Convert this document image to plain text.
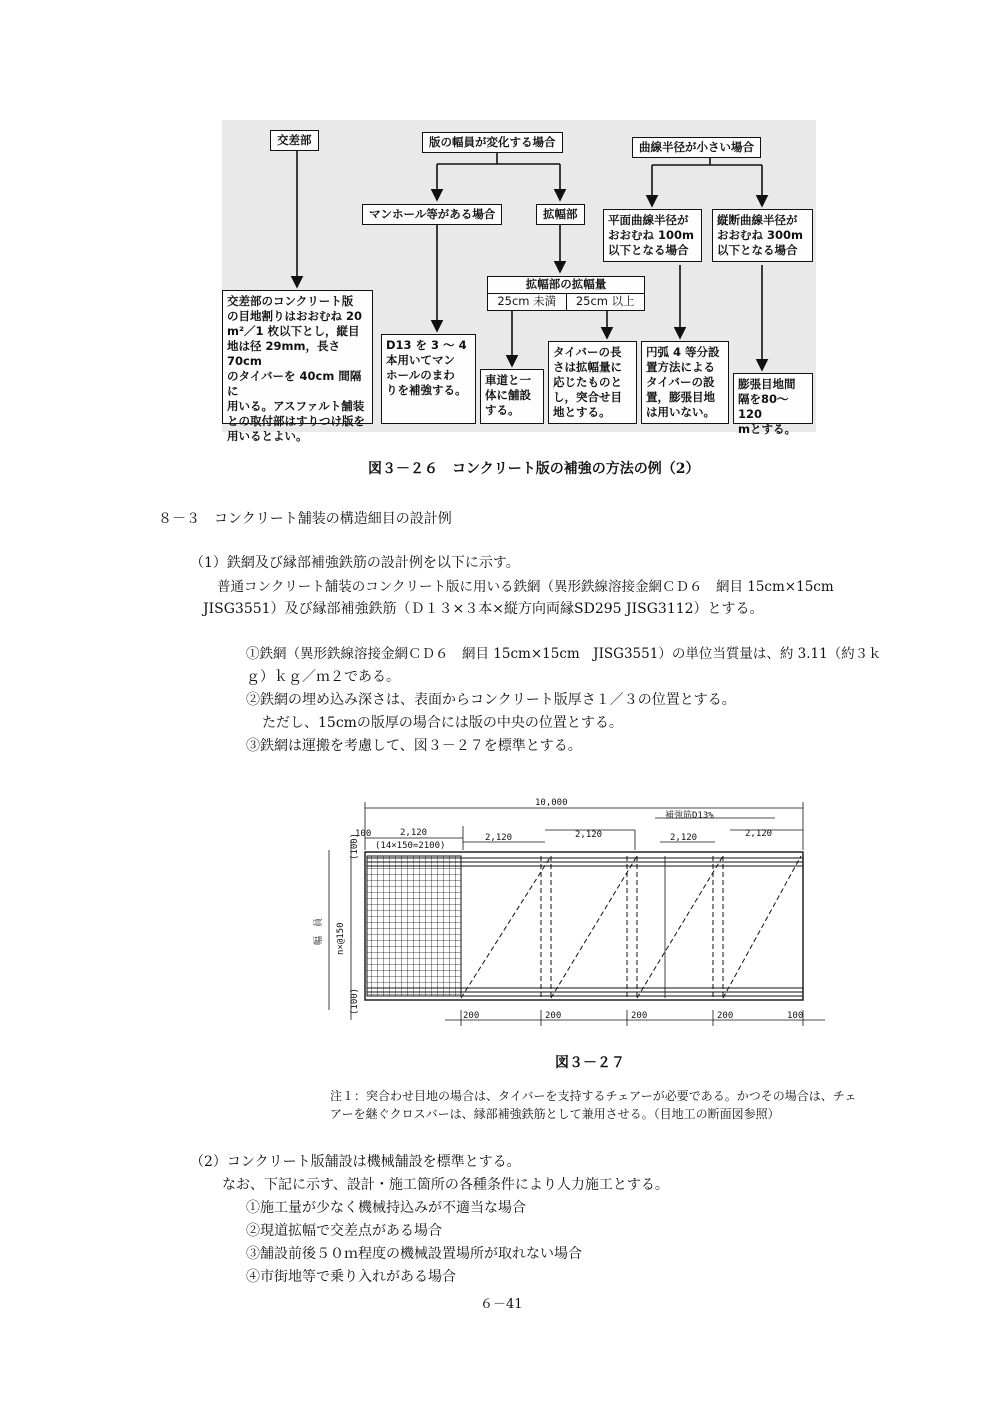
交差部	版の幅員が変化する場合	曲線半径が小さい場合
マンホール等がある場合	拡幅部	平面曲線半径が
おおむね 100m
以下となる場合
縦断曲線半径が
おおむね 300m
以下となる場合
拡幅部の拡幅量
25cm 未満	25cm 以上
交差部のコンクリート版
の目地割りはおおむね 20
m²／1 枚以下とし，縦目
地は径 29mm，長さ 70cm
のタイバーを 40cm 間隔に
用いる。アスファルト舗装
との取付部はすりつけ版を
用いるとよい。
D13 を 3 ～ 4
本用いてマン
ホールのまわ
りを補強する。
車道と一
体に舗設
する。
タイバーの長
さは拡幅量に
応じたものと
し，突合せ目
地とする。
円弧 4 等分設
置方法による
タイバーの設
置，膨張目地
は用いない。
膨張目地間
隔を80～120
mとする。
図３－２６　コンクリート版の補強の方法の例（2）
８－３　コンクリート舗装の構造細目の設計例
（1）鉄網及び縁部補強鉄筋の設計例を以下に示す。
普通コンクリート舗装のコンクリート版に用いる鉄網（異形鉄線溶接金網ＣＤ６　網目 15cm×15cm
JISG3551）及び縁部補強鉄筋（Ｄ１３×３本×縦方向両縁SD295 JISG3112）とする。
①鉄網（異形鉄線溶接金網ＣＤ６　網目 15cm×15cm　JISG3551）の単位当質量は、約 3.11（約３ｋ
ｇ）ｋｇ／ｍ２である。
②鉄網の埋め込み深さは、表面からコンクリート版厚さ１／３の位置とする。
ただし、15cmの版厚の場合には版の中央の位置とする。
③鉄網は運搬を考慮して、図３－２７を標準とする。
10,000
100	2,120
(14×150=2100)
2,120	2,120	2,120	2,120
補強筋D13%
(100)
(100)
幅　員 n×@150
200	200	200	200	100
図３－２７
注１：突合わせ目地の場合は、タイバーを支持するチェアーが必要である。かつその場合は、チェ
アーを継ぐクロスバーは、縁部補強鉄筋として兼用させる。（目地工の断面図参照）
（2）コンクリート版舗設は機械舗設を標準とする。
なお、下記に示す、設計・施工箇所の各種条件により人力施工とする。
①施工量が少なく機械持込みが不適当な場合
②現道拡幅で交差点がある場合
③舗設前後５０ｍ程度の機械設置場所が取れない場合
④市街地等で乗り入れがある場合
６－41
